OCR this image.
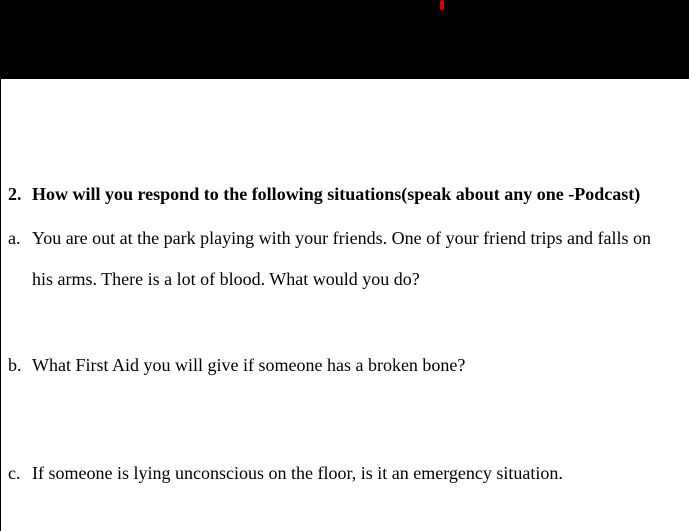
2. How will you respond to the following situations(speak about any one -Podcast)
a. You are out at the park playing with your friends. One of your friend trips and falls on
his arms. There is a lot of blood. What would you do?
b. What First Aid you will give if someone has a broken bone?
c. If someone is lying unconscious on the floor, is it an emergency situation.
